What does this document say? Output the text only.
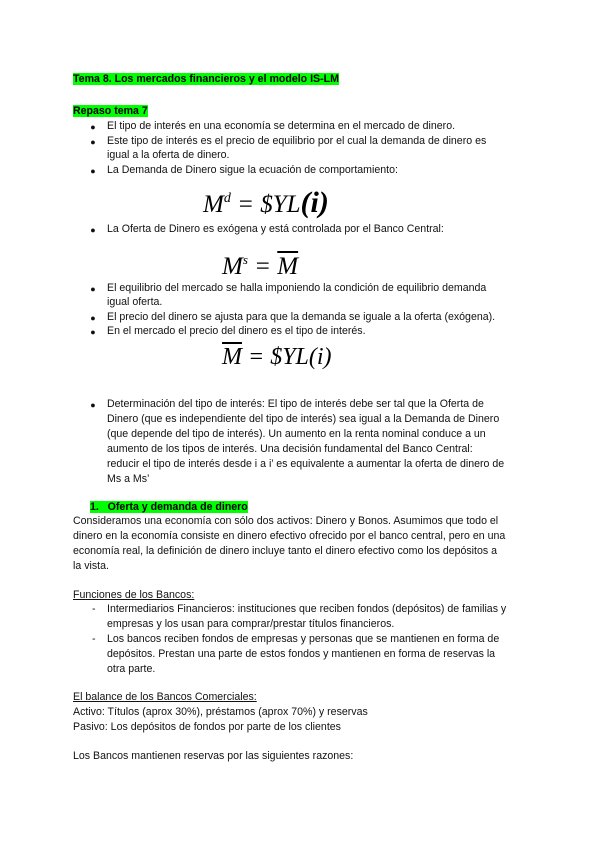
Tema 8. Los mercados financieros y el modelo IS-LM
Repaso tema 7
● El tipo de interés en una economía se determina en el mercado de dinero.
● Este tipo de interés es el precio de equilibrio por el cual la demanda de dinero es
igual a la oferta de dinero.
● La Demanda de Dinero sigue la ecuación de comportamiento:
$M^d$ = $YL(i)
● La Oferta de Dinero es exógena y está controlada por el Banco Central:
$M^s = \overline{M}$
● El equilibrio del mercado se halla imponiendo la condición de equilibrio demanda
igual oferta.
● El precio del dinero se ajusta para que la demanda se iguale a la oferta (exógena).
● En el mercado el precio del dinero es el tipo de interés.
$\overline{M}$ = $YL(i)
● Determinación del tipo de interés: El tipo de interés debe ser tal que la Oferta de
Dinero (que es independiente del tipo de interés) sea igual a la Demanda de Dinero
(que depende del tipo de interés). Un aumento en la renta nominal conduce a un
aumento de los tipos de interés. Una decisión fundamental del Banco Central:
reducir el tipo de interés desde i a i’ es equivalente a aumentar la oferta de dinero de
Ms a Ms’
1.   Oferta y demanda de dinero
Consideramos una economía con sólo dos activos: Dinero y Bonos. Asumimos que todo el
dinero en la economía consiste en dinero efectivo ofrecido por el banco central, pero en una
economía real, la definición de dinero incluye tanto el dinero efectivo como los depósitos a
la vista.
Funciones de los Bancos:
- Intermediarios Financieros: instituciones que reciben fondos (depósitos) de familias y
empresas y los usan para comprar/prestar títulos financieros.
- Los bancos reciben fondos de empresas y personas que se mantienen en forma de
depósitos. Prestan una parte de estos fondos y mantienen en forma de reservas la
otra parte.
El balance de los Bancos Comerciales:
Activo: Títulos (aprox 30%), préstamos (aprox 70%) y reservas
Pasivo: Los depósitos de fondos por parte de los clientes
Los Bancos mantienen reservas por las siguientes razones:
